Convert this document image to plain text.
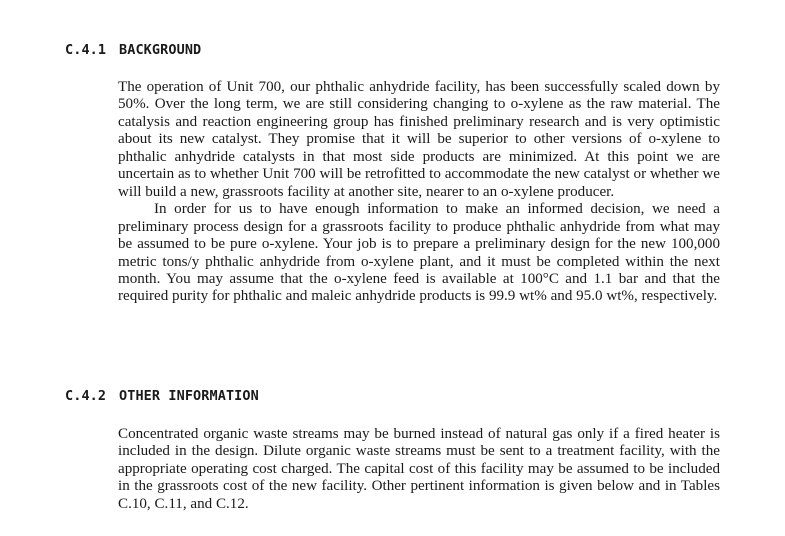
C.4.1 BACKGROUND

The operation of Unit 700, our phthalic anhydride facility, has been successfully scaled down by 50%. Over the long term, we are still considering changing to o-xylene as the raw material. The catalysis and reaction engineering group has finished preliminary research and is very optimistic about its new catalyst. They promise that it will be superior to other versions of o-xylene to phthalic anhydride catalysts in that most side products are minimized. At this point we are uncertain as to whether Unit 700 will be retrofitted to accommodate the new catalyst or whether we will build a new, grassroots facility at another site, nearer to an o-xylene producer.

In order for us to have enough information to make an informed decision, we need a preliminary process design for a grassroots facility to produce phthalic anhydride from what may be assumed to be pure o-xylene. Your job is to prepare a preliminary design for the new 100,000 metric tons/y phthalic anhydride from o-xylene plant, and it must be completed within the next month. You may assume that the o-xylene feed is available at 100°C and 1.1 bar and that the required purity for phthalic and maleic anhydride products is 99.9 wt% and 95.0 wt%, respectively.

C.4.2 OTHER INFORMATION

Concentrated organic waste streams may be burned instead of natural gas only if a fired heater is included in the design. Dilute organic waste streams must be sent to a treatment facility, with the appropriate operating cost charged. The capital cost of this facility may be assumed to be included in the grassroots cost of the new facility. Other pertinent information is given below and in Tables C.10, C.11, and C.12.
